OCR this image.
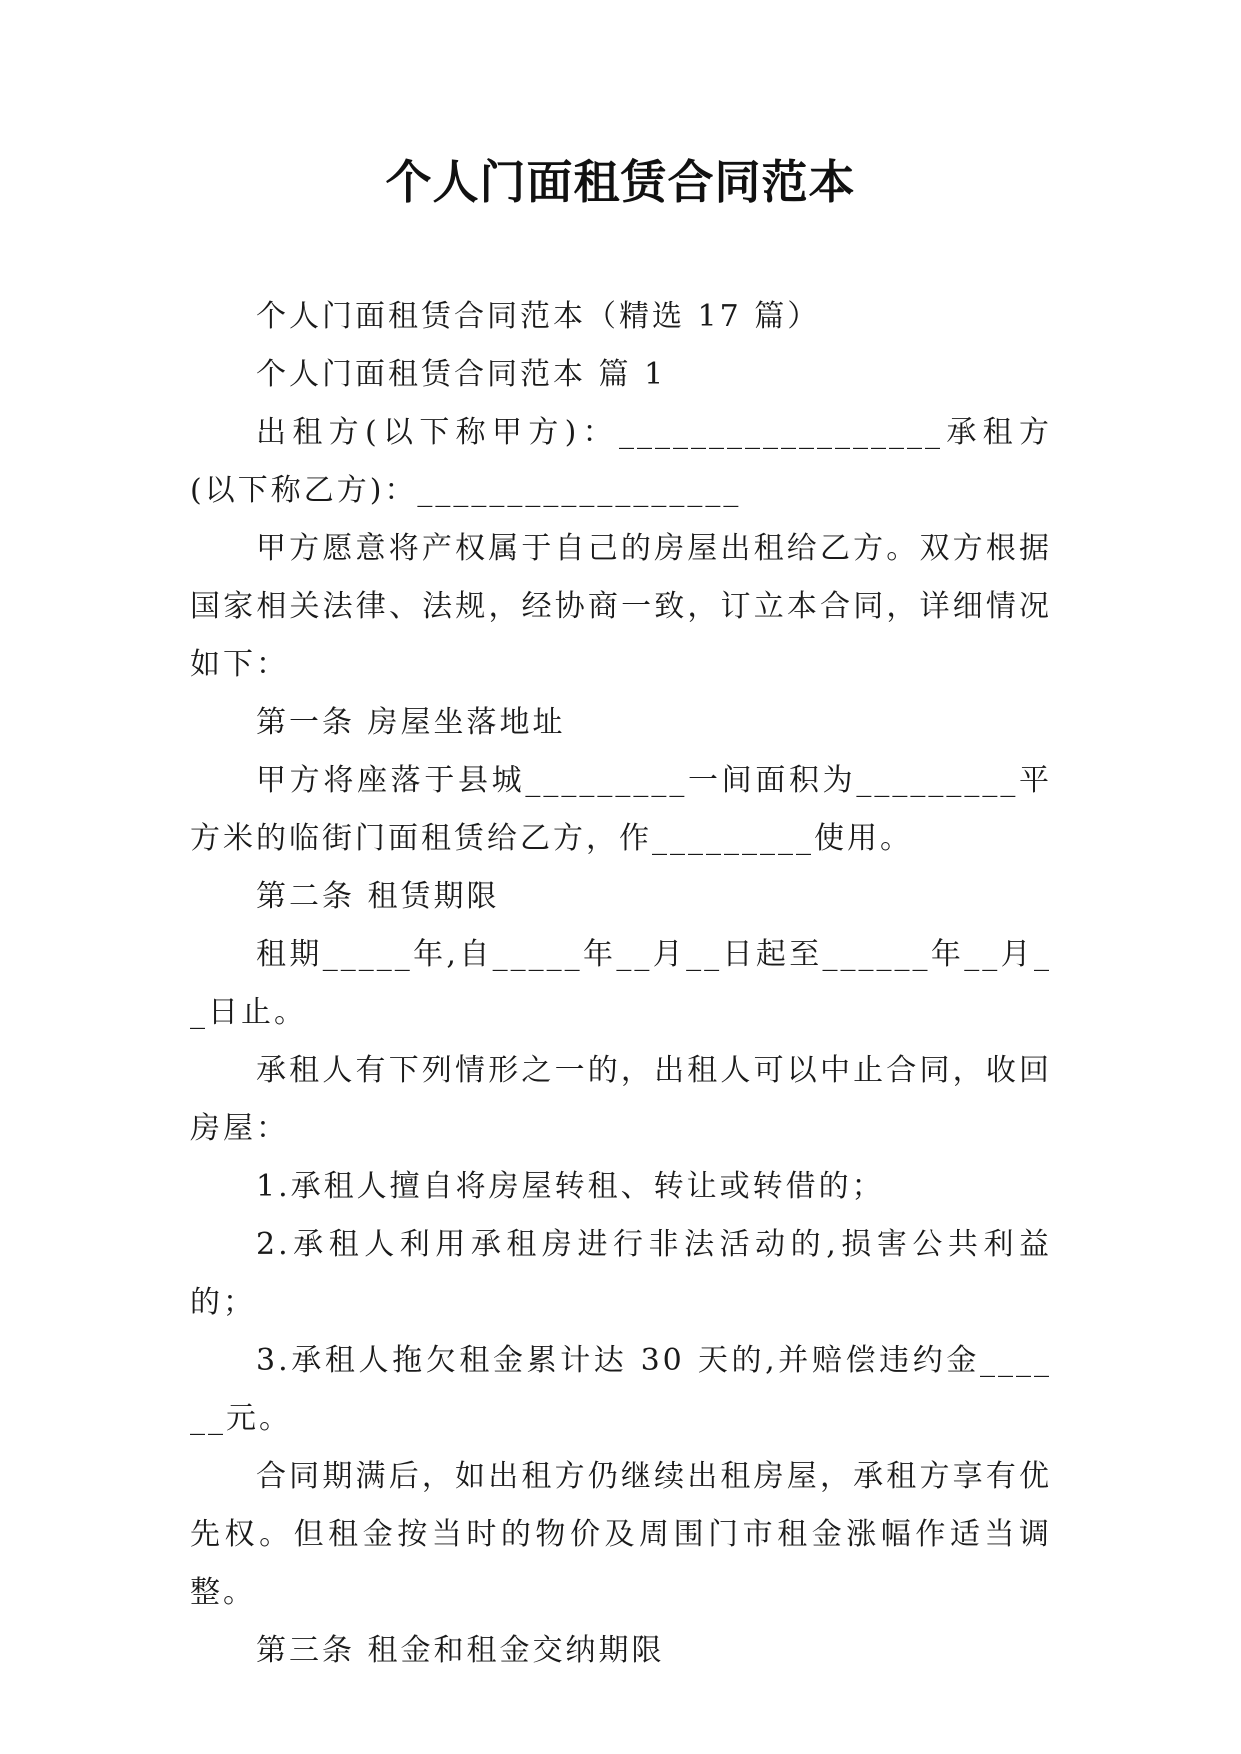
个人门面租赁合同范本

个人门面租赁合同范本（精选 17 篇）

个人门面租赁合同范本 篇 1

出租方(以下称甲方)：__________________承租方(以下称乙方)：__________________

甲方愿意将产权属于自己的房屋出租给乙方。双方根据国家相关法律、法规，经协商一致，订立本合同，详细情况如下：

第一条 房屋坐落地址

甲方将座落于县城_________一间面积为_________平方米的临街门面租赁给乙方，作_________使用。

第二条 租赁期限

租期_____年,自_____年__月__日起至______年__月__日止。

承租人有下列情形之一的，出租人可以中止合同，收回房屋：

1.承租人擅自将房屋转租、转让或转借的；

2.承租人利用承租房进行非法活动的,损害公共利益的；

3.承租人拖欠租金累计达 30 天的,并赔偿违约金______元。

合同期满后，如出租方仍继续出租房屋，承租方享有优先权。但租金按当时的物价及周围门市租金涨幅作适当调整。

第三条 租金和租金交纳期限
